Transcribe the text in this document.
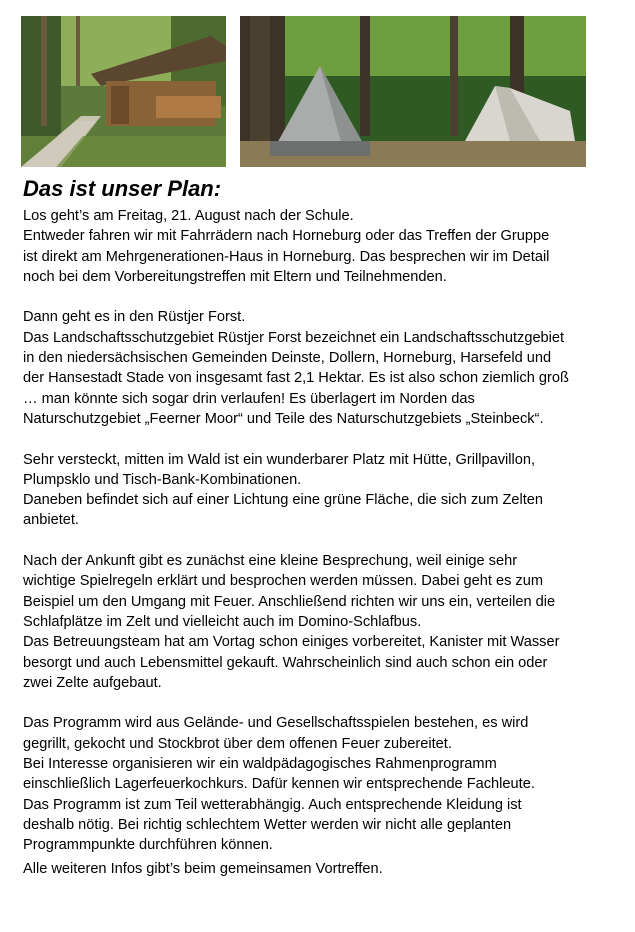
Das ist unser Plan:

Los geht’s am Freitag, 21. August nach der Schule.
Entweder fahren wir mit Fahrrädern nach Horneburg oder das Treffen der Gruppe
ist direkt am Mehrgenerationen-Haus in Horneburg. Das besprechen wir im Detail
noch bei dem Vorbereitungstreffen mit Eltern und Teilnehmenden.

Dann geht es in den Rüstjer Forst.
Das Landschaftsschutzgebiet Rüstjer Forst bezeichnet ein Landschaftsschutzgebiet
in den niedersächsischen Gemeinden Deinste, Dollern, Horneburg, Harsefeld und
der Hansestadt Stade von insgesamt fast 2,1 Hektar. Es ist also schon ziemlich groß
… man könnte sich sogar drin verlaufen! Es überlagert im Norden das
Naturschutzgebiet „Feerner Moor“ und Teile des Naturschutzgebiets „Steinbeck“.

Sehr versteckt, mitten im Wald ist ein wunderbarer Platz mit Hütte, Grillpavillon,
Plumpsklo und Tisch-Bank-Kombinationen.
Daneben befindet sich auf einer Lichtung eine grüne Fläche, die sich zum Zelten
anbietet.

Nach der Ankunft gibt es zunächst eine kleine Besprechung, weil einige sehr
wichtige Spielregeln erklärt und besprochen werden müssen. Dabei geht es zum
Beispiel um den Umgang mit Feuer. Anschließend richten wir uns ein, verteilen die
Schlafplätze im Zelt und vielleicht auch im Domino-Schlafbus.
Das Betreuungsteam hat am Vortag schon einiges vorbereitet, Kanister mit Wasser
besorgt und auch Lebensmittel gekauft. Wahrscheinlich sind auch schon ein oder
zwei Zelte aufgebaut.

Das Programm wird aus Gelände- und Gesellschaftsspielen bestehen, es wird
gegrillt, gekocht und Stockbrot über dem offenen Feuer zubereitet.
Bei Interesse organisieren wir ein waldpädagogisches Rahmenprogramm
einschließlich Lagerfeuerkochkurs. Dafür kennen wir entsprechende Fachleute.
Das Programm ist zum Teil wetterabhängig. Auch entsprechende Kleidung ist
deshalb nötig. Bei richtig schlechtem Wetter werden wir nicht alle geplanten
Programmpunkte durchführen können.

Alle weiteren Infos gibt’s beim gemeinsamen Vortreffen.
